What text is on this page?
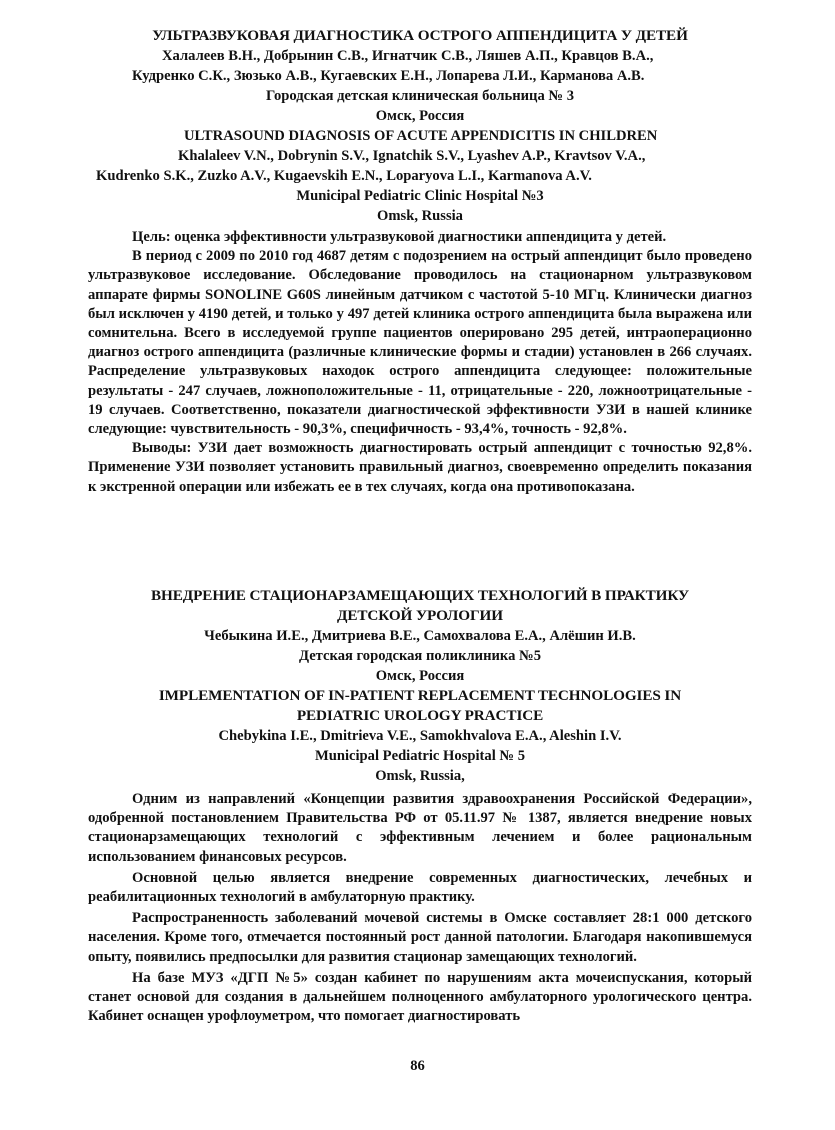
УЛЬТРАЗВУКОВАЯ ДИАГНОСТИКА ОСТРОГО АППЕНДИЦИТА У ДЕТЕЙ

Халалеев В.Н., Добрынин С.В., Игнатчик С.В., Ляшев А.П., Кравцов В.А.,

Кудренко С.К., Зюзько А.В., Кугаевских Е.Н., Лопарева Л.И., Карманова А.В.

Городская детская клиническая больница № 3

Омск, Россия

ULTRASOUND DIAGNOSIS OF ACUTE APPENDICITIS IN CHILDREN

Khalaleev V.N., Dobrynin S.V., Ignatchik S.V., Lyashev A.P., Kravtsov V.A.,

Kudrenko S.K., Zuzko A.V., Kugaevskih E.N., Loparyova L.I., Karmanova A.V.

Municipal Pediatric Clinic Hospital №3

Omsk, Russia

Цель: оценка эффективности ультразвуковой диагностики аппендицита у детей.

В период с 2009 по 2010 год 4687 детям с подозрением на острый аппендицит было проведено ультразвуковое исследование. Обследование проводилось на стационарном ультразвуковом аппарате фирмы SONOLINE G60S линейным датчиком с частотой 5-10 МГц. Клинически диагноз был исключен у 4190 детей, и только у 497 детей клиника острого аппендицита была выражена или сомнительна. Всего в исследуемой группе пациентов оперировано 295 детей, интраоперационно диагноз острого аппендицита (различные клинические формы и стадии) установлен в 266 случаях. Распределение ультразвуковых находок острого аппендицита следующее: положительные результаты - 247 случаев, ложноположительные - 11, отрицательные - 220, ложноотрицательные - 19 случаев. Соответственно, показатели диагностической эффективности УЗИ в нашей клинике следующие: чувствительность - 90,3%, специфичность - 93,4%, точность - 92,8%.

Выводы: УЗИ дает возможность диагностировать острый аппендицит с точностью 92,8%. Применение УЗИ позволяет установить правильный диагноз, своевременно определить показания к экстренной операции или избежать ее в тех случаях, когда она противопоказана.

ВНЕДРЕНИЕ СТАЦИОНАРЗАМЕЩАЮЩИХ ТЕХНОЛОГИЙ В ПРАКТИКУ

ДЕТСКОЙ УРОЛОГИИ

Чебыкина И.Е., Дмитриева В.Е., Самохвалова Е.А., Алёшин И.В.

Детская городская поликлиника №5

Омск, Россия

IMPLEMENTATION OF IN-PATIENT REPLACEMENT TECHNOLOGIES IN

PEDIATRIC UROLOGY PRACTICE

Chebykina I.E., Dmitrieva V.E., Samokhvalova E.A., Aleshin I.V.

Municipal Pediatric Hospital № 5

Omsk, Russia,

Одним из направлений «Концепции развития здравоохранения Российской Федерации», одобренной постановлением Правительства РФ от 05.11.97 № 1387, является внедрение новых стационарзамещающих технологий с эффективным лечением и более рациональным использованием финансовых ресурсов.

Основной целью является внедрение современных диагностических, лечебных и реабилитационных технологий в амбулаторную практику.

Распространенность заболеваний мочевой системы в Омске составляет 28:1 000 детского населения. Кроме того, отмечается постоянный рост данной патологии. Благодаря накопившемуся опыту, появились предпосылки для развития стационар замещающих технологий.

На базе МУЗ «ДГП №5» создан кабинет по нарушениям акта мочеиспускания, который станет основой для создания в дальнейшем полноценного амбулаторного урологического центра. Кабинет оснащен урофлоуметром, что помогает диагностировать

86
